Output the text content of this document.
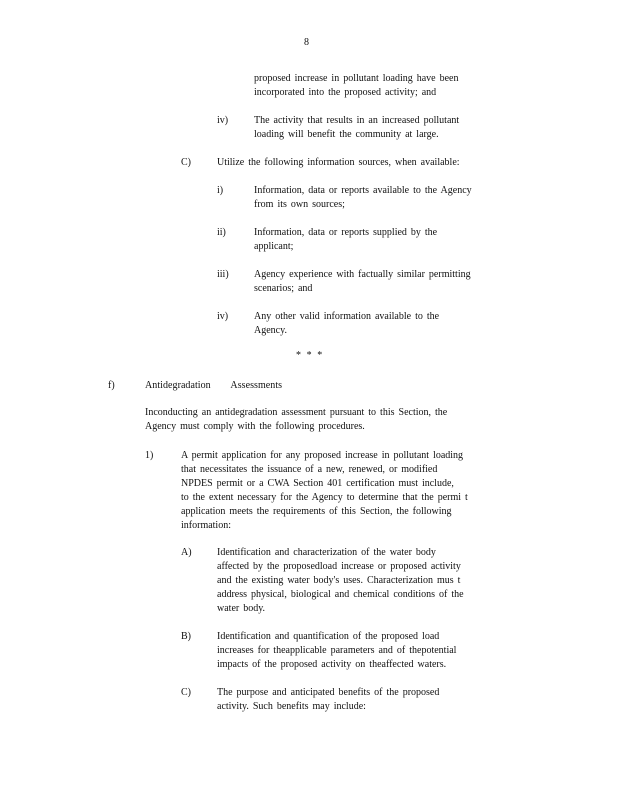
8
proposed increase in pollutant loading have been
incorporated into the proposed activity; and
iv)	The activity that results in an increased pollutant
loading will benefit the community at large.
C)	Utilize the following information sources, when available:
i)	Information, data or reports available to the Agency
from its own sources;
ii)	Information, data or reports supplied by the
applicant;
iii)	Agency experience with factually similar permitting
scenarios; and
iv)	Any other valid information available to the
Agency.
* * *
f)	Antidegradation     Assessments
Inconducting an antidegradation assessment pursuant to this Section, the
Agency must comply with the following procedures.
1)	A permit application for any proposed increase in pollutant loading
that necessitates the issuance of a new, renewed, or modified
NPDES permit or a CWA Section 401 certification must include,
to the extent necessary for the Agency to determine that the permi t
application meets the requirements of this Section, the following
information:
A)	Identification and characterization of the water body
affected by the proposedload increase or proposed activity
and the existing water body's uses. Characterization mus t
address physical, biological and chemical conditions of the
water body.
B)	Identification and quantification of the proposed load
increases for theapplicable parameters and of thepotential
impacts of the proposed activity on theaffected waters.
C)	The purpose and anticipated benefits of the proposed
activity. Such benefits may include:
